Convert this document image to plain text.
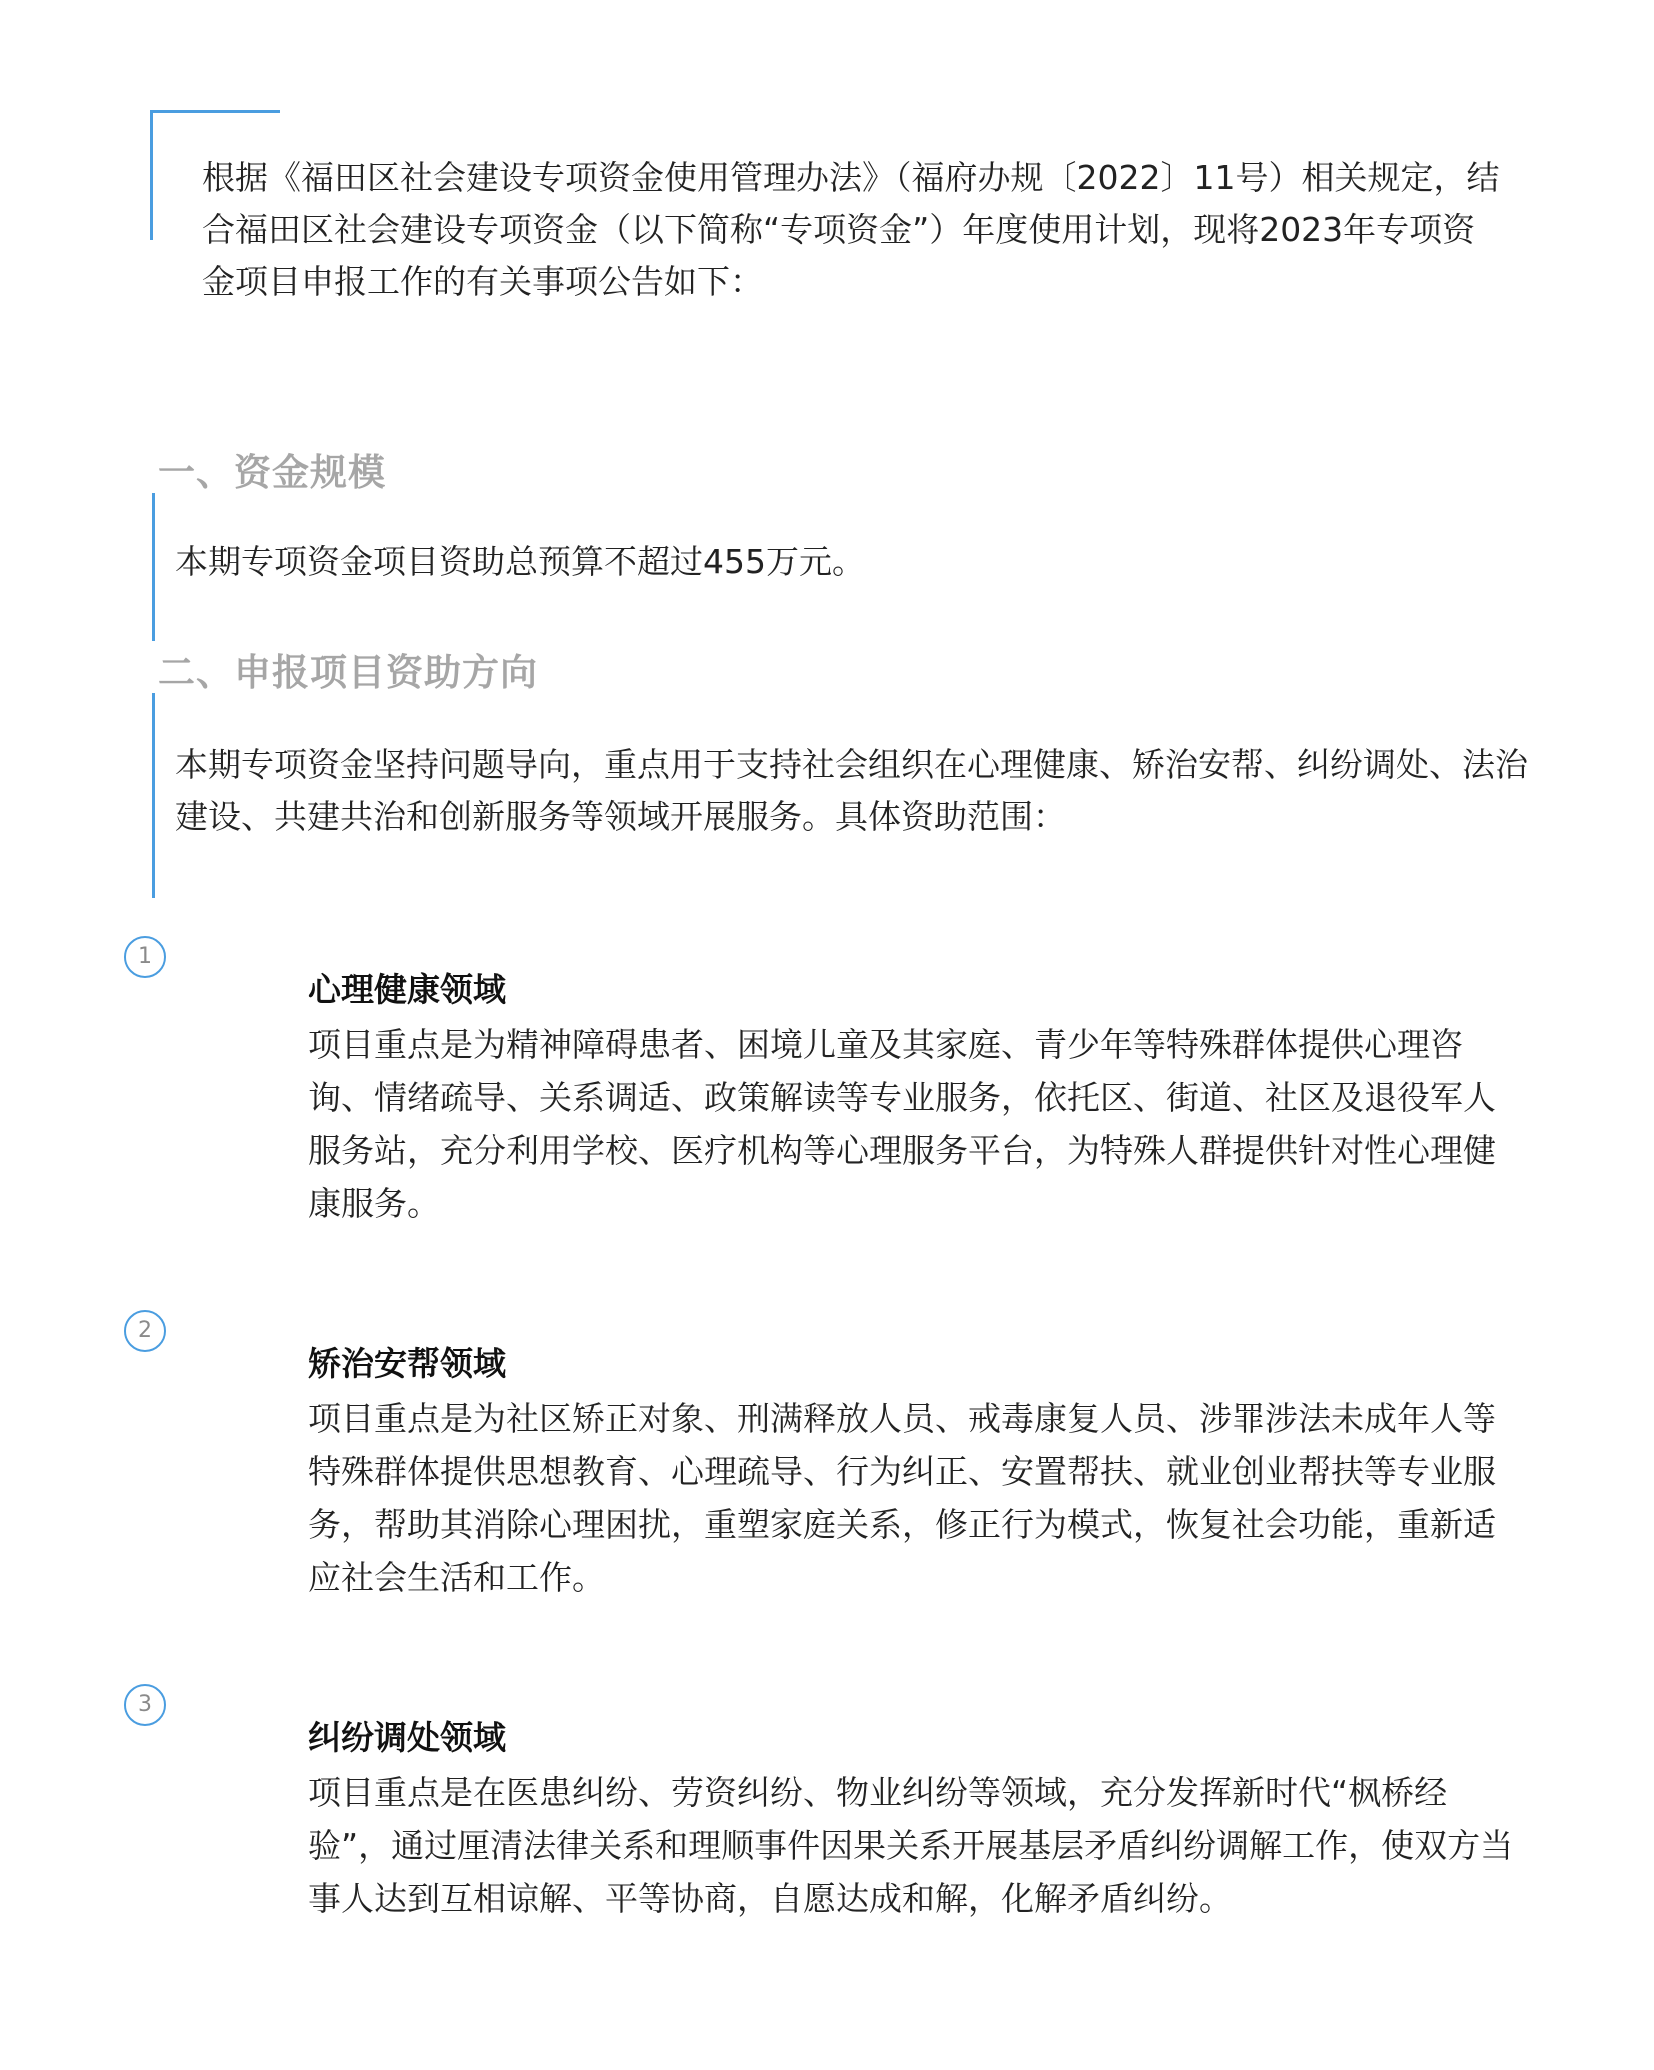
根据《福田区社会建设专项资金使用管理办法》（福府办规〔2022〕11号）相关规定，结合福田区社会建设专项资金（以下简称“专项资金”）年度使用计划，现将2023年专项资金项目申报工作的有关事项公告如下：
一、资金规模
本期专项资金项目资助总预算不超过455万元。
二、申报项目资助方向
本期专项资金坚持问题导向，重点用于支持社会组织在心理健康、矫治安帮、纠纷调处、法治建设、共建共治和创新服务等领域开展服务。具体资助范围：
1
心理健康领域
项目重点是为精神障碍患者、困境儿童及其家庭、青少年等特殊群体提供心理咨询、情绪疏导、关系调适、政策解读等专业服务，依托区、街道、社区及退役军人服务站，充分利用学校、医疗机构等心理服务平台，为特殊人群提供针对性心理健康服务。
2
矫治安帮领域
项目重点是为社区矫正对象、刑满释放人员、戒毒康复人员、涉罪涉法未成年人等特殊群体提供思想教育、心理疏导、行为纠正、安置帮扶、就业创业帮扶等专业服务，帮助其消除心理困扰，重塑家庭关系，修正行为模式，恢复社会功能，重新适应社会生活和工作。
3
纠纷调处领域
项目重点是在医患纠纷、劳资纠纷、物业纠纷等领域，充分发挥新时代“枫桥经验”，通过厘清法律关系和理顺事件因果关系开展基层矛盾纠纷调解工作，使双方当事人达到互相谅解、平等协商，自愿达成和解，化解矛盾纠纷。
